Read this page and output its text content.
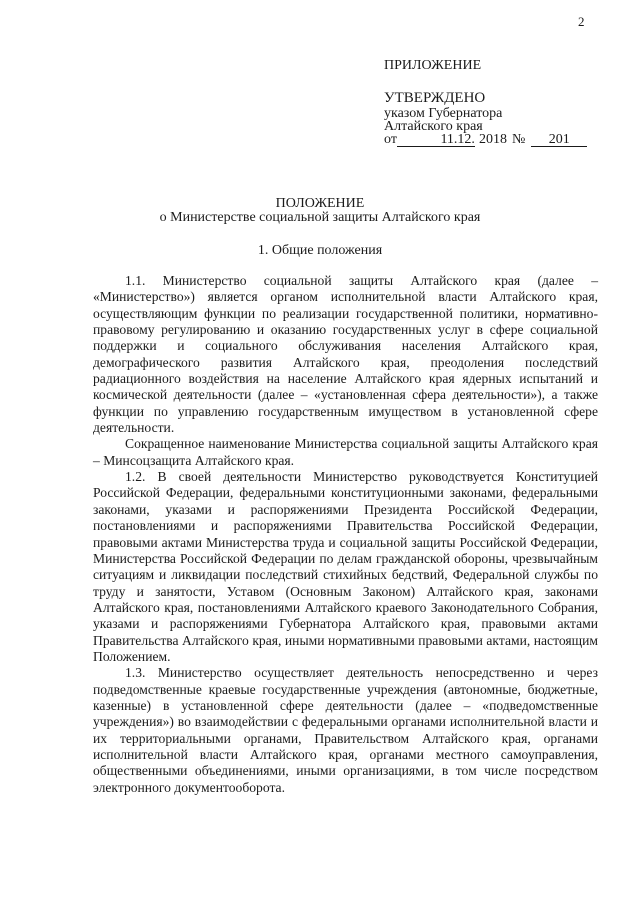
2
ПРИЛОЖЕНИЕ
УТВЕРЖДЕНО
указом Губернатора
Алтайского края
от	11.12. 2018 №	201
ПОЛОЖЕНИЕ
о Министерстве социальной защиты Алтайского края
1. Общие положения

1.1. Министерство социальной защиты Алтайского края (далее – «Министерство») является органом исполнительной власти Алтайского края, осуществляющим функции по реализации государственной политики, нормативно-правовому регулированию и оказанию государственных услуг в сфере социальной поддержки и социального обслуживания населения Алтайского края, демографического развития Алтайского края, преодоления последствий радиационного воздействия на население Алтайского края ядерных испытаний и космической деятельности (далее – «установленная сфера деятельности»), а также функции по управлению государственным имуществом в установленной сфере деятельности.

Сокращенное наименование Министерства социальной защиты Алтайского края – Минсоцзащита Алтайского края.

1.2. В своей деятельности Министерство руководствуется Конституцией Российской Федерации, федеральными конституционными законами, федеральными законами, указами и распоряжениями Президента Российской Федерации, постановлениями и распоряжениями Правительства Российской Федерации, правовыми актами Министерства труда и социальной защиты Российской Федерации, Министерства Российской Федерации по делам гражданской обороны, чрезвычайным ситуациям и ликвидации последствий стихийных бедствий, Федеральной службы по труду и занятости, Уставом (Основным Законом) Алтайского края, законами Алтайского края, постановлениями Алтайского краевого Законодательного Собрания, указами и распоряжениями Губернатора Алтайского края, правовыми актами Правительства Алтайского края, иными нормативными правовыми актами, настоящим Положением.

1.3. Министерство осуществляет деятельность непосредственно и через подведомственные краевые государственные учреждения (автономные, бюджетные, казенные) в установленной сфере деятельности (далее – «подведомственные учреждения») во взаимодействии с федеральными органами исполнительной власти и их территориальными органами, Правительством Алтайского края, органами исполнительной власти Алтайского края, органами местного самоуправления, общественными объединениями, иными организациями, в том числе посредством электронного документооборота.
